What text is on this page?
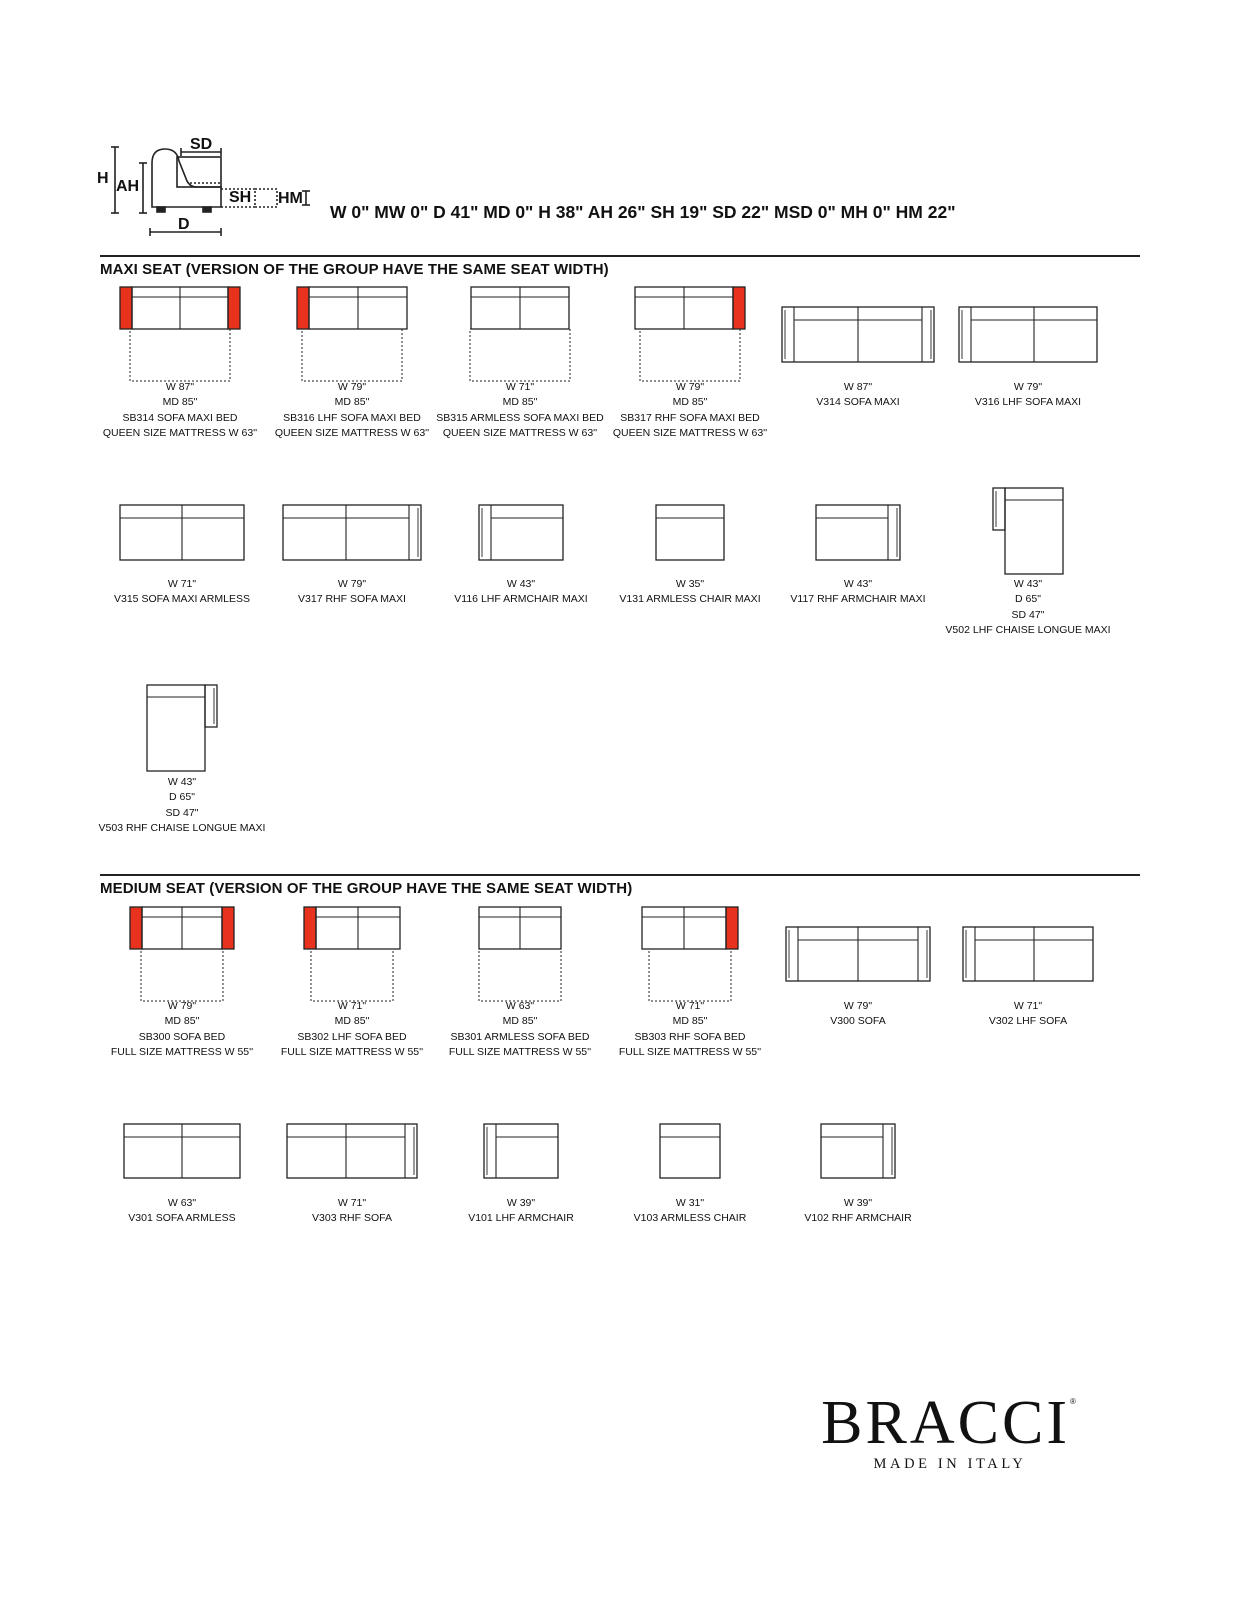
SD
H AH
SH HM
D
W 0" MW 0" D 41" MD 0" H 38" AH 26" SH 19" SD 22" MSD 0" MH 0" HM 22"
MAXI SEAT (VERSION OF THE GROUP HAVE THE SAME SEAT WIDTH)
MEDIUM SEAT (VERSION OF THE GROUP HAVE THE SAME SEAT WIDTH)
BRACCI®
MADE IN ITALY
W 87"
MD 85"
SB314 SOFA MAXI BED
QUEEN SIZE MATTRESS W 63''
W 79"
MD 85"
SB316 LHF SOFA MAXI BED
QUEEN SIZE MATTRESS W 63''
W 71"
MD 85"
SB315 ARMLESS SOFA MAXI BED
QUEEN SIZE MATTRESS W 63''
W 79"
MD 85"
SB317 RHF SOFA MAXI BED
QUEEN SIZE MATTRESS W 63''
W 87"
V314 SOFA MAXI
W 79"
V316 LHF SOFA MAXI
W 71"
V315 SOFA MAXI ARMLESS
W 79"
V317 RHF SOFA MAXI
W 43"
V116 LHF ARMCHAIR MAXI
W 35"
V131 ARMLESS CHAIR MAXI
W 43"
V117 RHF ARMCHAIR MAXI
W 43"
D 65"
SD 47"
V502 LHF CHAISE LONGUE MAXI
W 43"
D 65"
SD 47"
V503 RHF CHAISE LONGUE MAXI
W 79"
MD 85"
SB300 SOFA BED
FULL SIZE MATTRESS W 55''
W 71"
MD 85"
SB302 LHF SOFA BED
FULL SIZE MATTRESS W 55''
W 63"
MD 85"
SB301 ARMLESS SOFA BED
FULL SIZE MATTRESS W 55''
W 71"
MD 85"
SB303 RHF SOFA BED
FULL SIZE MATTRESS W 55''
W 79"
V300 SOFA
W 71"
V302 LHF SOFA
W 63"
V301 SOFA ARMLESS
W 71"
V303 RHF SOFA
W 39"
V101 LHF ARMCHAIR
W 31"
V103 ARMLESS CHAIR
W 39"
V102 RHF ARMCHAIR
